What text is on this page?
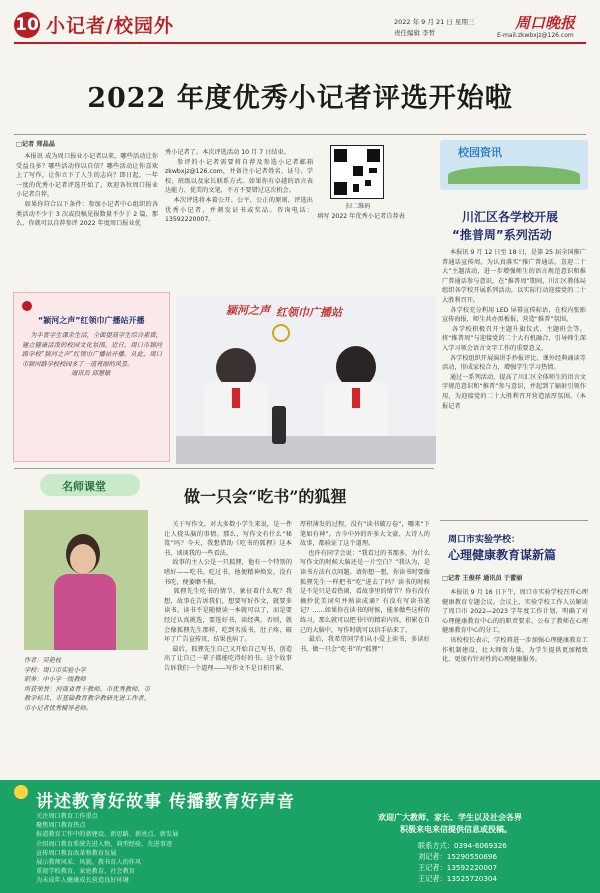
10 小记者/校园外	2022 年 9 月 21 日 星期三
责任编辑 李皙
周口晚报
E-mail:zkwbxjz@126.com
2022 年度优秀小记者评选开始啦
□记者 郑晶晶
本报讯 成为周口报业小记者以来，哪些活动让你受益良多？哪些活动你以自信？哪些活动让你喜欢上了写作，让你立下了人生的志向？即日起，一年一度的优秀小记者评选开始了，欢迎各位周口报业小记者自荐。
如果你符合以下条件：参加小记者中心组织的各类活动不少于 3 次或投稿见报数量不少于 2 篇，那么，你就可以自荐参评 2022 年度周口报业优
秀小记者了。本次评选活动 10 月 7 日结束。
参评的小记者需要将自荐及参选小记者邮箱 zkwbxjz@126.com，并备注小记者姓名、证号、学校、班级以及家长联系方式。如果你有卓越的语言表达能力、优美的文笔，不方不要错过这次机会。
本次评选将本着公开、公平、公正的原则，评选出优秀小记者，并颁发证书或奖品。咨询电话：13592220007。
扫二维码
填写 2022 年优秀小记者自荐表
校园资讯
川汇区各学校开展
“推普周”系列活动
本报讯 9 月 12 日至 18 日，是第 25 届全国推广普通话宣传周。为认真落实“推广普通话，喜迎二十大”主题活动，进一步增强师生的语言规范意识和推广普通话参与意识，在“推普周”期间，川汇区教体局组织各学校开展系列活动，以实际行动迎接党的二十大胜利召开。
各学校充分利用 LED 屏幕宣传标语，在校内张贴宣传海报，师生共办黑板报，营造“推普”氛围。
各学校积极召开主题升旗仪式、主题班会等，将“推普周”与迎接党的二十大有机融合，引导师生深入学习领会语言文字工作的重要意义。
各学校组织开展演讲手抄报评比、课外经典诵读等活动，形成家校合力，增强学生学习热情。
通过一系列活动，提高了川汇区全体师生的语言文字规范意识和“推普”参与意识，并起到了辐射引领作用，为迎接党的二十大胜利召开营造浓厚氛围。（本报记者
“颍河之声”红领巾广播站开播
为丰富学生课余生活，全面提高学生综合素质，建立健康活泼的校园文化氛围，近日，周口市颍河路学校“颍河之声”红领巾广播站开播。从此，周口市颍河路学校校园多了一道亮丽的风景。
通讯员 邱慧敏
颍河之声 红领巾广播站
名师课堂
做一只会“吃书”的狐狸
作者：吴艳枝
学校：周口市实验小学
职务：中小学一级教师
所获荣誉：河南省骨干教师、市优秀教师、市教学标兵、市基础教育教学教研先进工作者、市小记者优秀辅导老师。
关于写作文，对大多数小学生来说，是一件让人挠头脑的事情。那么，写作文有什么“秘笈”吗？今天，我想借助《吃书的狐狸》这本书，谈谈我的一些看法。
故事的主人公是一只狐狸，他有一个特别的嗜好——吃书。吃过书，他便精神焕发，没有书吃，便萎靡不振。
狐狸先生吃书的情节，象征着什么呢？我想，故事在告诉我们，想要写好作文，就要多读书。读书不是随便读一本就可以了，而是要经过认真挑选，要选好书，读经典。否则，就会像狐狸先生那样，吃到劣质书，肚子疼，破坏了广告宣传页，结果也病了。
最后，狐狸先生自己又开始自己写书，创造出了让自己一辈子都能吃得好的书。这个故事告诉我们一个道理——写作文不是目积月累、
厚积薄发的过程，没有“读书破万卷”，哪来“下笔如有神”。古今中外的许多大文豪、大诗人的故事，都验证了这个道理。
也许有同学会说：“我看过的书那多，为什么写作文的时候大脑还是一片空白？”我认为，是读书方法有点问题。请你想一想，你读书时要像狐狸先生一样把书“吃”进去了吗？读书的时候是不是只是看热闹，看故事里的情节？你有没有摘抄优美词句并熟读成诵？有没有写读书笔记？……如果你在读书的时候，能多做些这样的练习，那么就可以把书中的精彩内容，积累在自己的大脑中，写作时就可以信手拈来了。
最后，我希望同学们从小爱上读书，多读好书，做一只会“吃书”的“狐狸”！
周口市实验学校：
心理健康教育谋新篇
□记者 王俊祥 通讯员 于蕾丽
本报讯 9 月 16 日下午，周口市实验学校召开心理健康教育专题会议。会议上，实验学校工作人员解读了周口市 2022—2023 学年度工作计划，明确了对心理健康教育中心的的职责要求，公布了教师在心理健康教育中心的分工。
该校校长表示，学校将进一步加强心理健康教育工作机制建设，壮大师资力量，为学生提供更加精致化、更加有针对性的心理健康服务。
讲述教育好故事 传播教育好声音
关注周口教育工作重点
聚焦周口教育热点
报道教育工作中的新建设、新思路、新亮点、新发展
介绍周口教育系统先进人物、典型经验、先进事迹
宣传周口教育改革和教育发展
展示教师风采、风貌、教书育人的作风
重视学校教育、家庭教育、社会教育
为未成年人健康成长营造良好环境
欢迎广大教师、家长、学生以及社会各界
积极来电来信提供信息或投稿。
联系方式：0394-6069326
刘记者：15290550696
王记者：13592220007
王记者：13525720304
